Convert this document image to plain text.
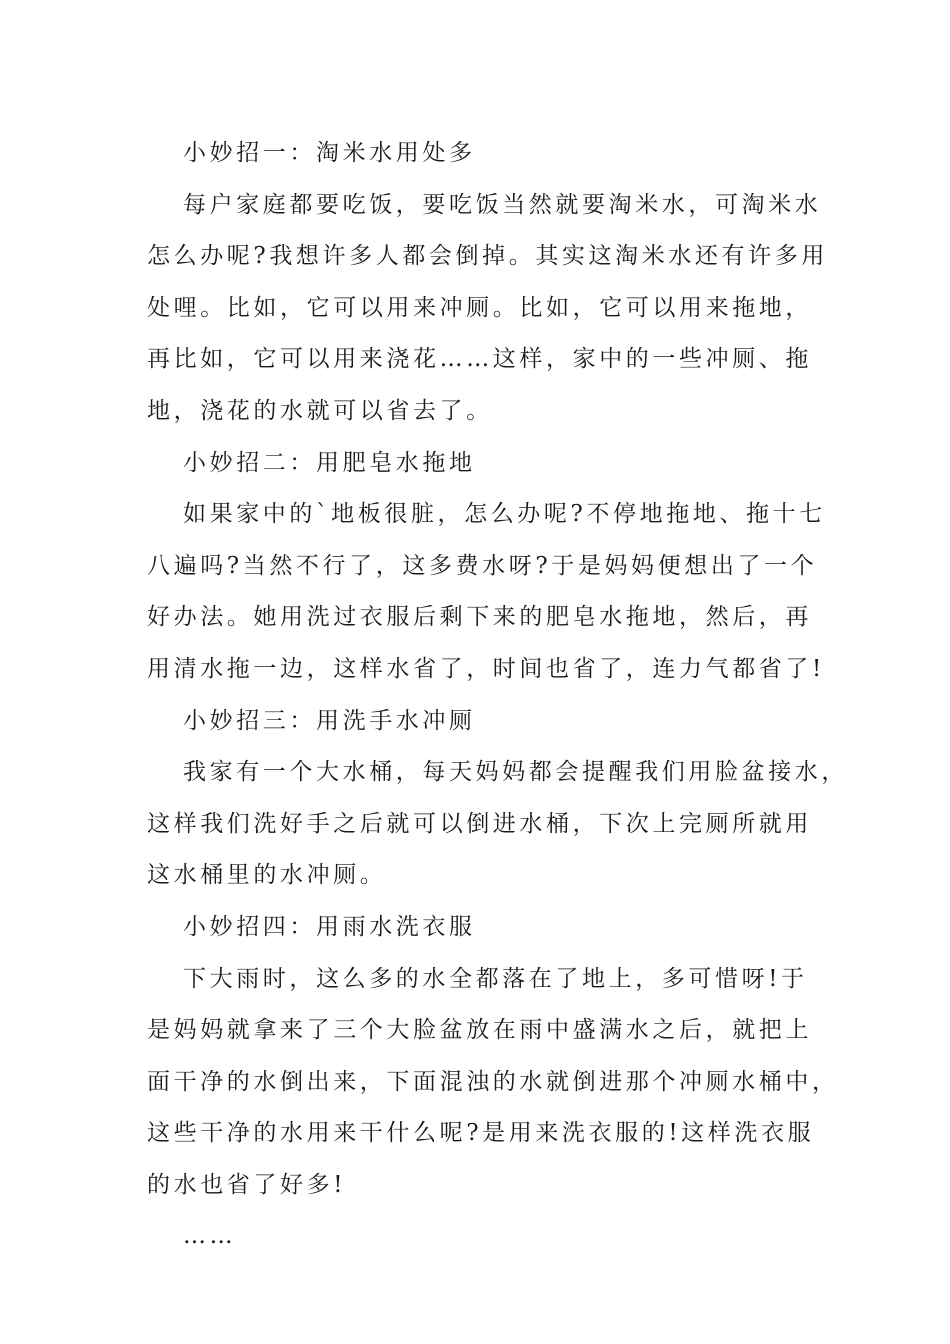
小妙招一：淘米水用处多
每户家庭都要吃饭，要吃饭当然就要淘米水，可淘米水
怎么办呢?我想许多人都会倒掉。其实这淘米水还有许多用
处哩。比如，它可以用来冲厕。比如，它可以用来拖地，
再比如，它可以用来浇花……这样，家中的一些冲厕、拖
地，浇花的水就可以省去了。
小妙招二：用肥皂水拖地
如果家中的`地板很脏，怎么办呢?不停地拖地、拖十七
八遍吗?当然不行了，这多费水呀?于是妈妈便想出了一个
好办法。她用洗过衣服后剩下来的肥皂水拖地，然后，再
用清水拖一边，这样水省了，时间也省了，连力气都省了!
小妙招三：用洗手水冲厕
我家有一个大水桶，每天妈妈都会提醒我们用脸盆接水，
这样我们洗好手之后就可以倒进水桶，下次上完厕所就用
这水桶里的水冲厕。
小妙招四：用雨水洗衣服
下大雨时，这么多的水全都落在了地上，多可惜呀!于
是妈妈就拿来了三个大脸盆放在雨中盛满水之后，就把上
面干净的水倒出来，下面混浊的水就倒进那个冲厕水桶中，
这些干净的水用来干什么呢?是用来洗衣服的!这样洗衣服
的水也省了好多!
……
